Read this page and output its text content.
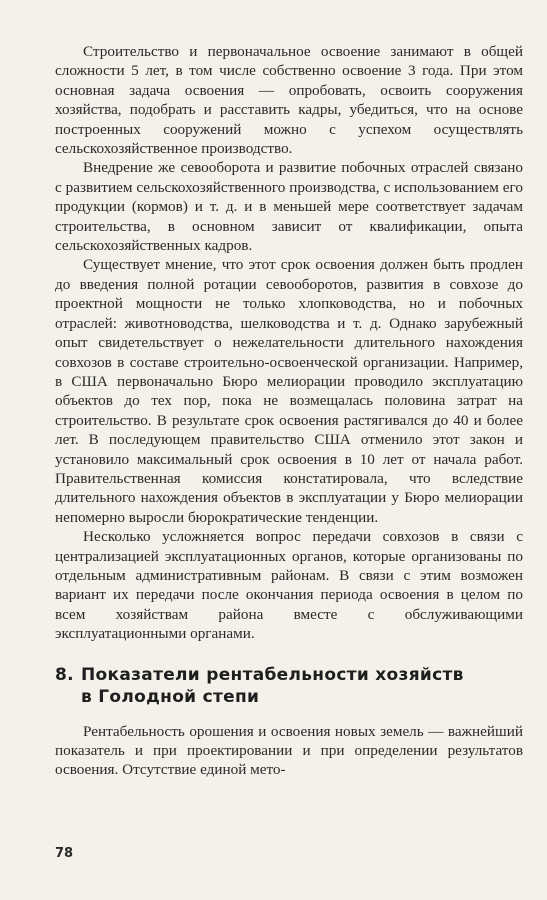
Строительство и первоначальное освоение занимают в общей сложности 5 лет, в том числе собственно освоение 3 года. При этом основная задача освоения — опробовать, освоить сооружения хозяйства, подобрать и расставить кадры, убедиться, что на основе построенных сооружений можно с успехом осуществлять сельскохозяйственное производство.

Внедрение же севооборота и развитие побочных отраслей связано с развитием сельскохозяйственного производства, с использованием его продукции (кормов) и т. д. и в меньшей мере соответствует задачам строительства, в основном зависит от квалификации, опыта сельскохозяйственных кадров.

Существует мнение, что этот срок освоения должен быть продлен до введения полной ротации севооборотов, развития в совхозе до проектной мощности не только хлопководства, но и побочных отраслей: животноводства, шелководства и т. д. Однако зарубежный опыт свидетельствует о нежелательности длительного нахождения совхозов в составе строительно-освоенческой организации. Например, в США первоначально Бюро мелиорации проводило эксплуатацию объектов до тех пор, пока не возмещалась половина затрат на строительство. В результате срок освоения растягивался до 40 и более лет. В последующем правительство США отменило этот закон и установило максимальный срок освоения в 10 лет от начала работ. Правительственная комиссия констатировала, что вследствие длительного нахождения объектов в эксплуатации у Бюро мелиорации непомерно выросли бюрократические тенденции.

Несколько усложняется вопрос передачи совхозов в связи с централизацией эксплуатационных органов, которые организованы по отдельным административным районам. В связи с этим возможен вариант их передачи после окончания периода освоения в целом по всем хозяйствам района вместе с обслуживающими эксплуатационными органами.

8. Показатели рентабельности хозяйств
в Голодной степи

Рентабельность орошения и освоения новых земель — важнейший показатель и при проектировании и при определении результатов освоения. Отсутствие единой мето-

78
